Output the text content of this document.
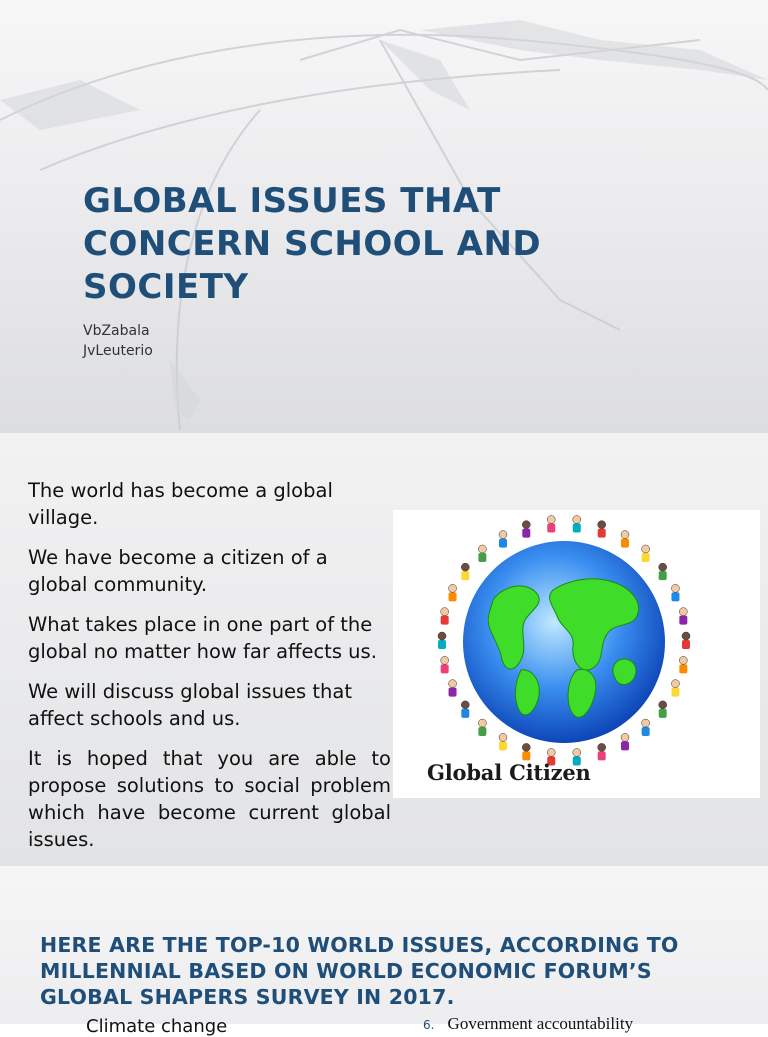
GLOBAL ISSUES THAT CONCERN SCHOOL AND SOCIETY
VbZabala
JvLeuterio

The world has become a global village.

We have become a citizen of a global community.

What takes place in one part of the global no matter how far affects us.

We will discuss global issues that affect schools and us.

It is hoped that you are able to propose solutions to social problem which have become current global issues.

Global Citizen
HERE ARE THE TOP-10 WORLD ISSUES, ACCORDING TO MILLENNIAL BASED ON WORLD ECONOMIC FORUM’S GLOBAL SHAPERS SURVEY IN 2017.
Climate change	6. Government accountability
